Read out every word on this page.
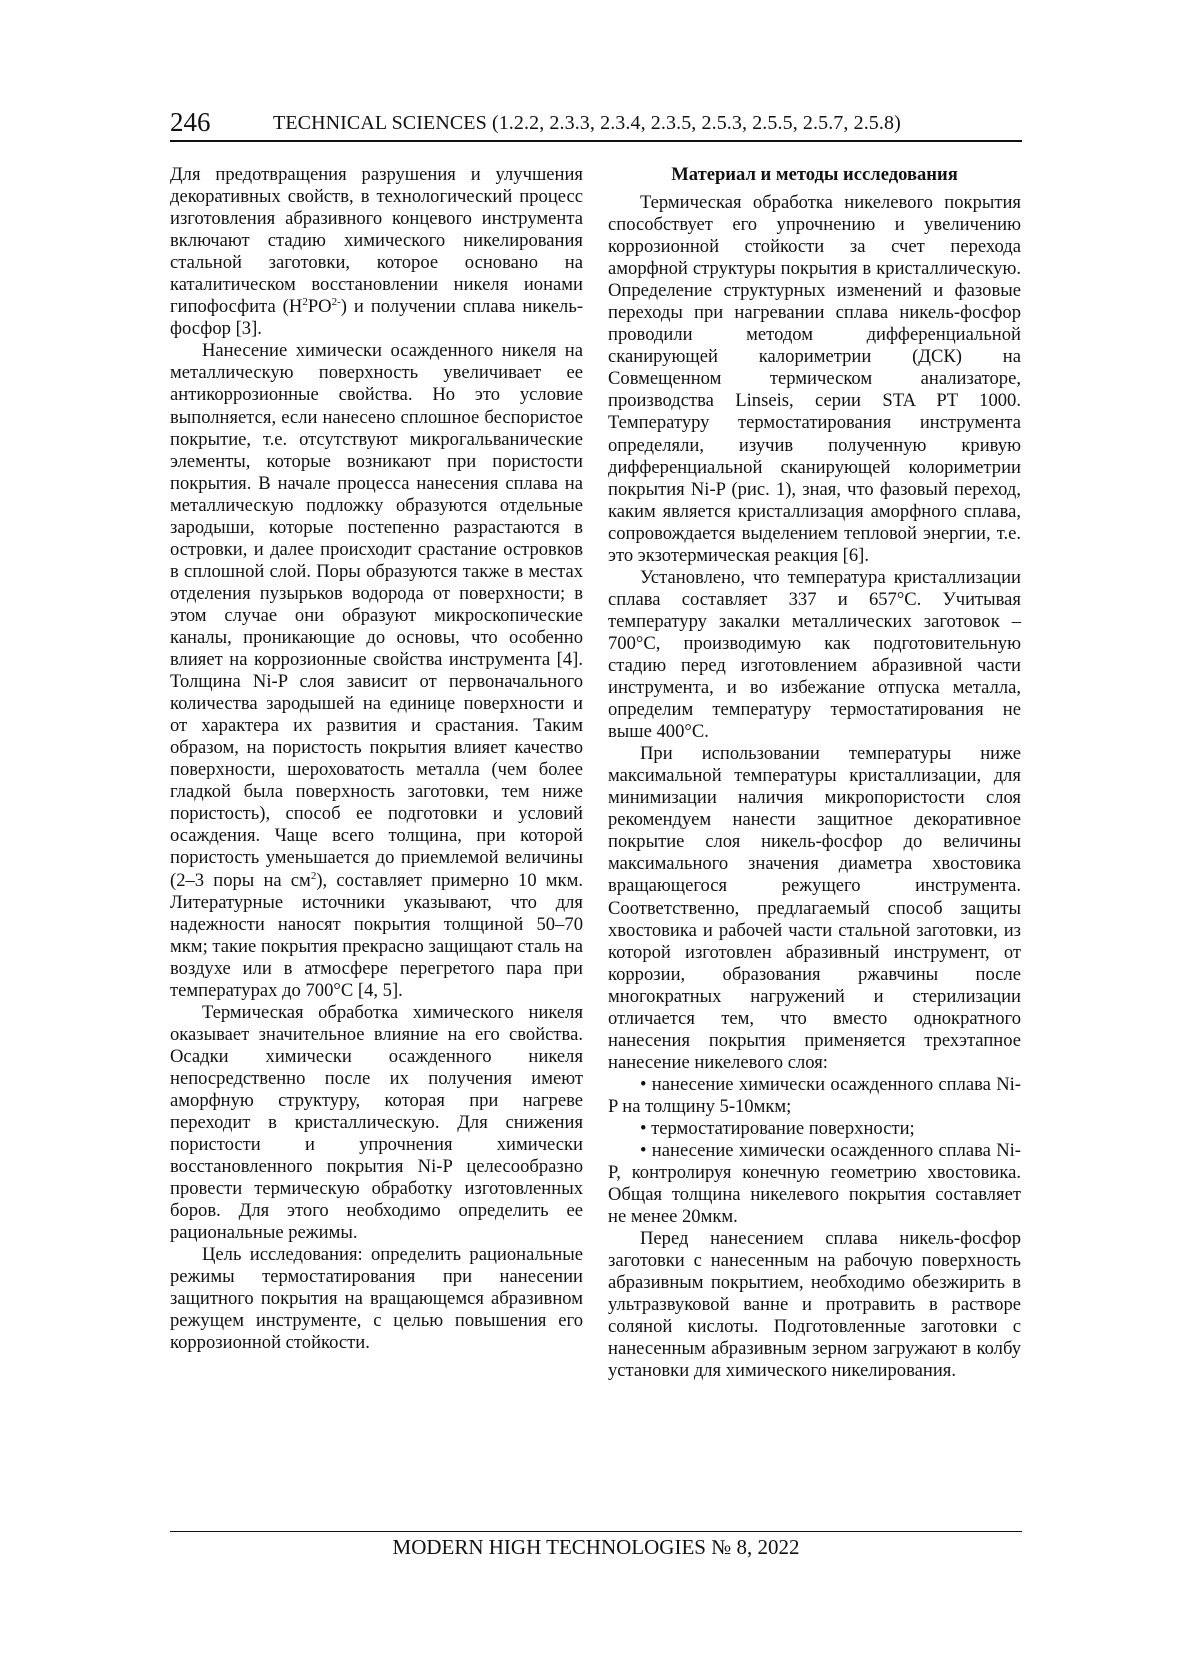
246	TECHNICAL SCIENCES (1.2.2, 2.3.3, 2.3.4, 2.3.5, 2.5.3, 2.5.5, 2.5.7, 2.5.8)

Для предотвращения разрушения и улучшения декоративных свойств, в технологический процесс изготовления абразивного концевого инструмента включают стадию химического никелирования стальной заготовки, которое основано на каталитическом восстановлении никеля ионами гипофосфита $(H^2PO^{2-})$ и получении сплава никель-фосфор [3].

Нанесение химически осажденного никеля на металлическую поверхность увеличивает ее антикоррозионные свойства. Но это условие выполняется, если нанесено сплошное беспористое покрытие, т.е. отсутствуют микрогальванические элементы, которые возникают при пористости покрытия. В начале процесса нанесения сплава на металлическую подложку образуются отдельные зародыши, которые постепенно разрастаются в островки, и далее происходит срастание островков в сплошной слой. Поры образуются также в местах отделения пузырьков водорода от поверхности; в этом случае они образуют микроскопические каналы, проникающие до основы, что особенно влияет на коррозионные свойства инструмента [4]. Толщина Ni-P слоя зависит от первоначального количества зародышей на единице поверхности и от характера их развития и срастания. Таким образом, на пористость покрытия влияет качество поверхности, шероховатость металла (чем более гладкой была поверхность заготовки, тем ниже пористость), способ ее подготовки и условий осаждения. Чаще всего толщина, при которой пористость уменьшается до приемлемой величины (2–3 поры на $см^2$), составляет примерно 10 мкм. Литературные источники указывают, что для надежности наносят покрытия толщиной 50–70 мкм; такие покрытия прекрасно защищают сталь на воздухе или в атмосфере перегретого пара при температурах до 700°С [4, 5].

Термическая обработка химического никеля оказывает значительное влияние на его свойства. Осадки химически осажденного никеля непосредственно после их получения имеют аморфную структуру, которая при нагреве переходит в кристаллическую. Для снижения пористости и упрочнения химически восстановленного покрытия Ni-P целесообразно провести термическую обработку изготовленных боров. Для этого необходимо определить ее рациональные режимы.

Цель исследования: определить рациональные режимы термостатирования при нанесении защитного покрытия на вращающемся абразивном режущем инструменте, с целью повышения его коррозионной стойкости.

Материал и методы исследования

Термическая обработка никелевого покрытия способствует его упрочнению и увеличению коррозионной стойкости за счет перехода аморфной структуры покрытия в кристаллическую. Определение структурных изменений и фазовые переходы при нагревании сплава никель-фосфор проводили методом дифференциальной сканирующей калориметрии (ДСК) на Совмещенном термическом анализаторе, производства Linseis, серии STA PT 1000. Температуру термостатирования инструмента определяли, изучив полученную кривую дифференциальной сканирующей колориметрии покрытия Ni-P (рис. 1), зная, что фазовый переход, каким является кристаллизация аморфного сплава, сопровождается выделением тепловой энергии, т.е. это экзотермическая реакция [6].

Установлено, что температура кристаллизации сплава составляет 337 и 657°С. Учитывая температуру закалки металлических заготовок – 700°С, производимую как подготовительную стадию перед изготовлением абразивной части инструмента, и во избежание отпуска металла, определим температуру термостатирования не выше 400°С.

При использовании температуры ниже максимальной температуры кристаллизации, для минимизации наличия микропористости слоя рекомендуем нанести защитное декоративное покрытие слоя никель-фосфор до величины максимального значения диаметра хвостовика вращающегося режущего инструмента. Соответственно, предлагаемый способ защиты хвостовика и рабочей части стальной заготовки, из которой изготовлен абразивный инструмент, от коррозии, образования ржавчины после многократных нагружений и стерилизации отличается тем, что вместо однократного нанесения покрытия применяется трехэтапное нанесение никелевого слоя:

• нанесение химически осажденного сплава Ni-P на толщину 5-10мкм;

• термостатирование поверхности;

• нанесение химически осажденного сплава Ni-P, контролируя конечную геометрию хвостовика. Общая толщина никелевого покрытия составляет не менее 20мкм.

Перед нанесением сплава никель-фосфор заготовки с нанесенным на рабочую поверхность абразивным покрытием, необходимо обезжирить в ультразвуковой ванне и протравить в растворе соляной кислоты. Подготовленные заготовки с нанесенным абразивным зерном загружают в колбу установки для химического никелирования.

MODERN HIGH TECHNOLOGIES № 8, 2022
